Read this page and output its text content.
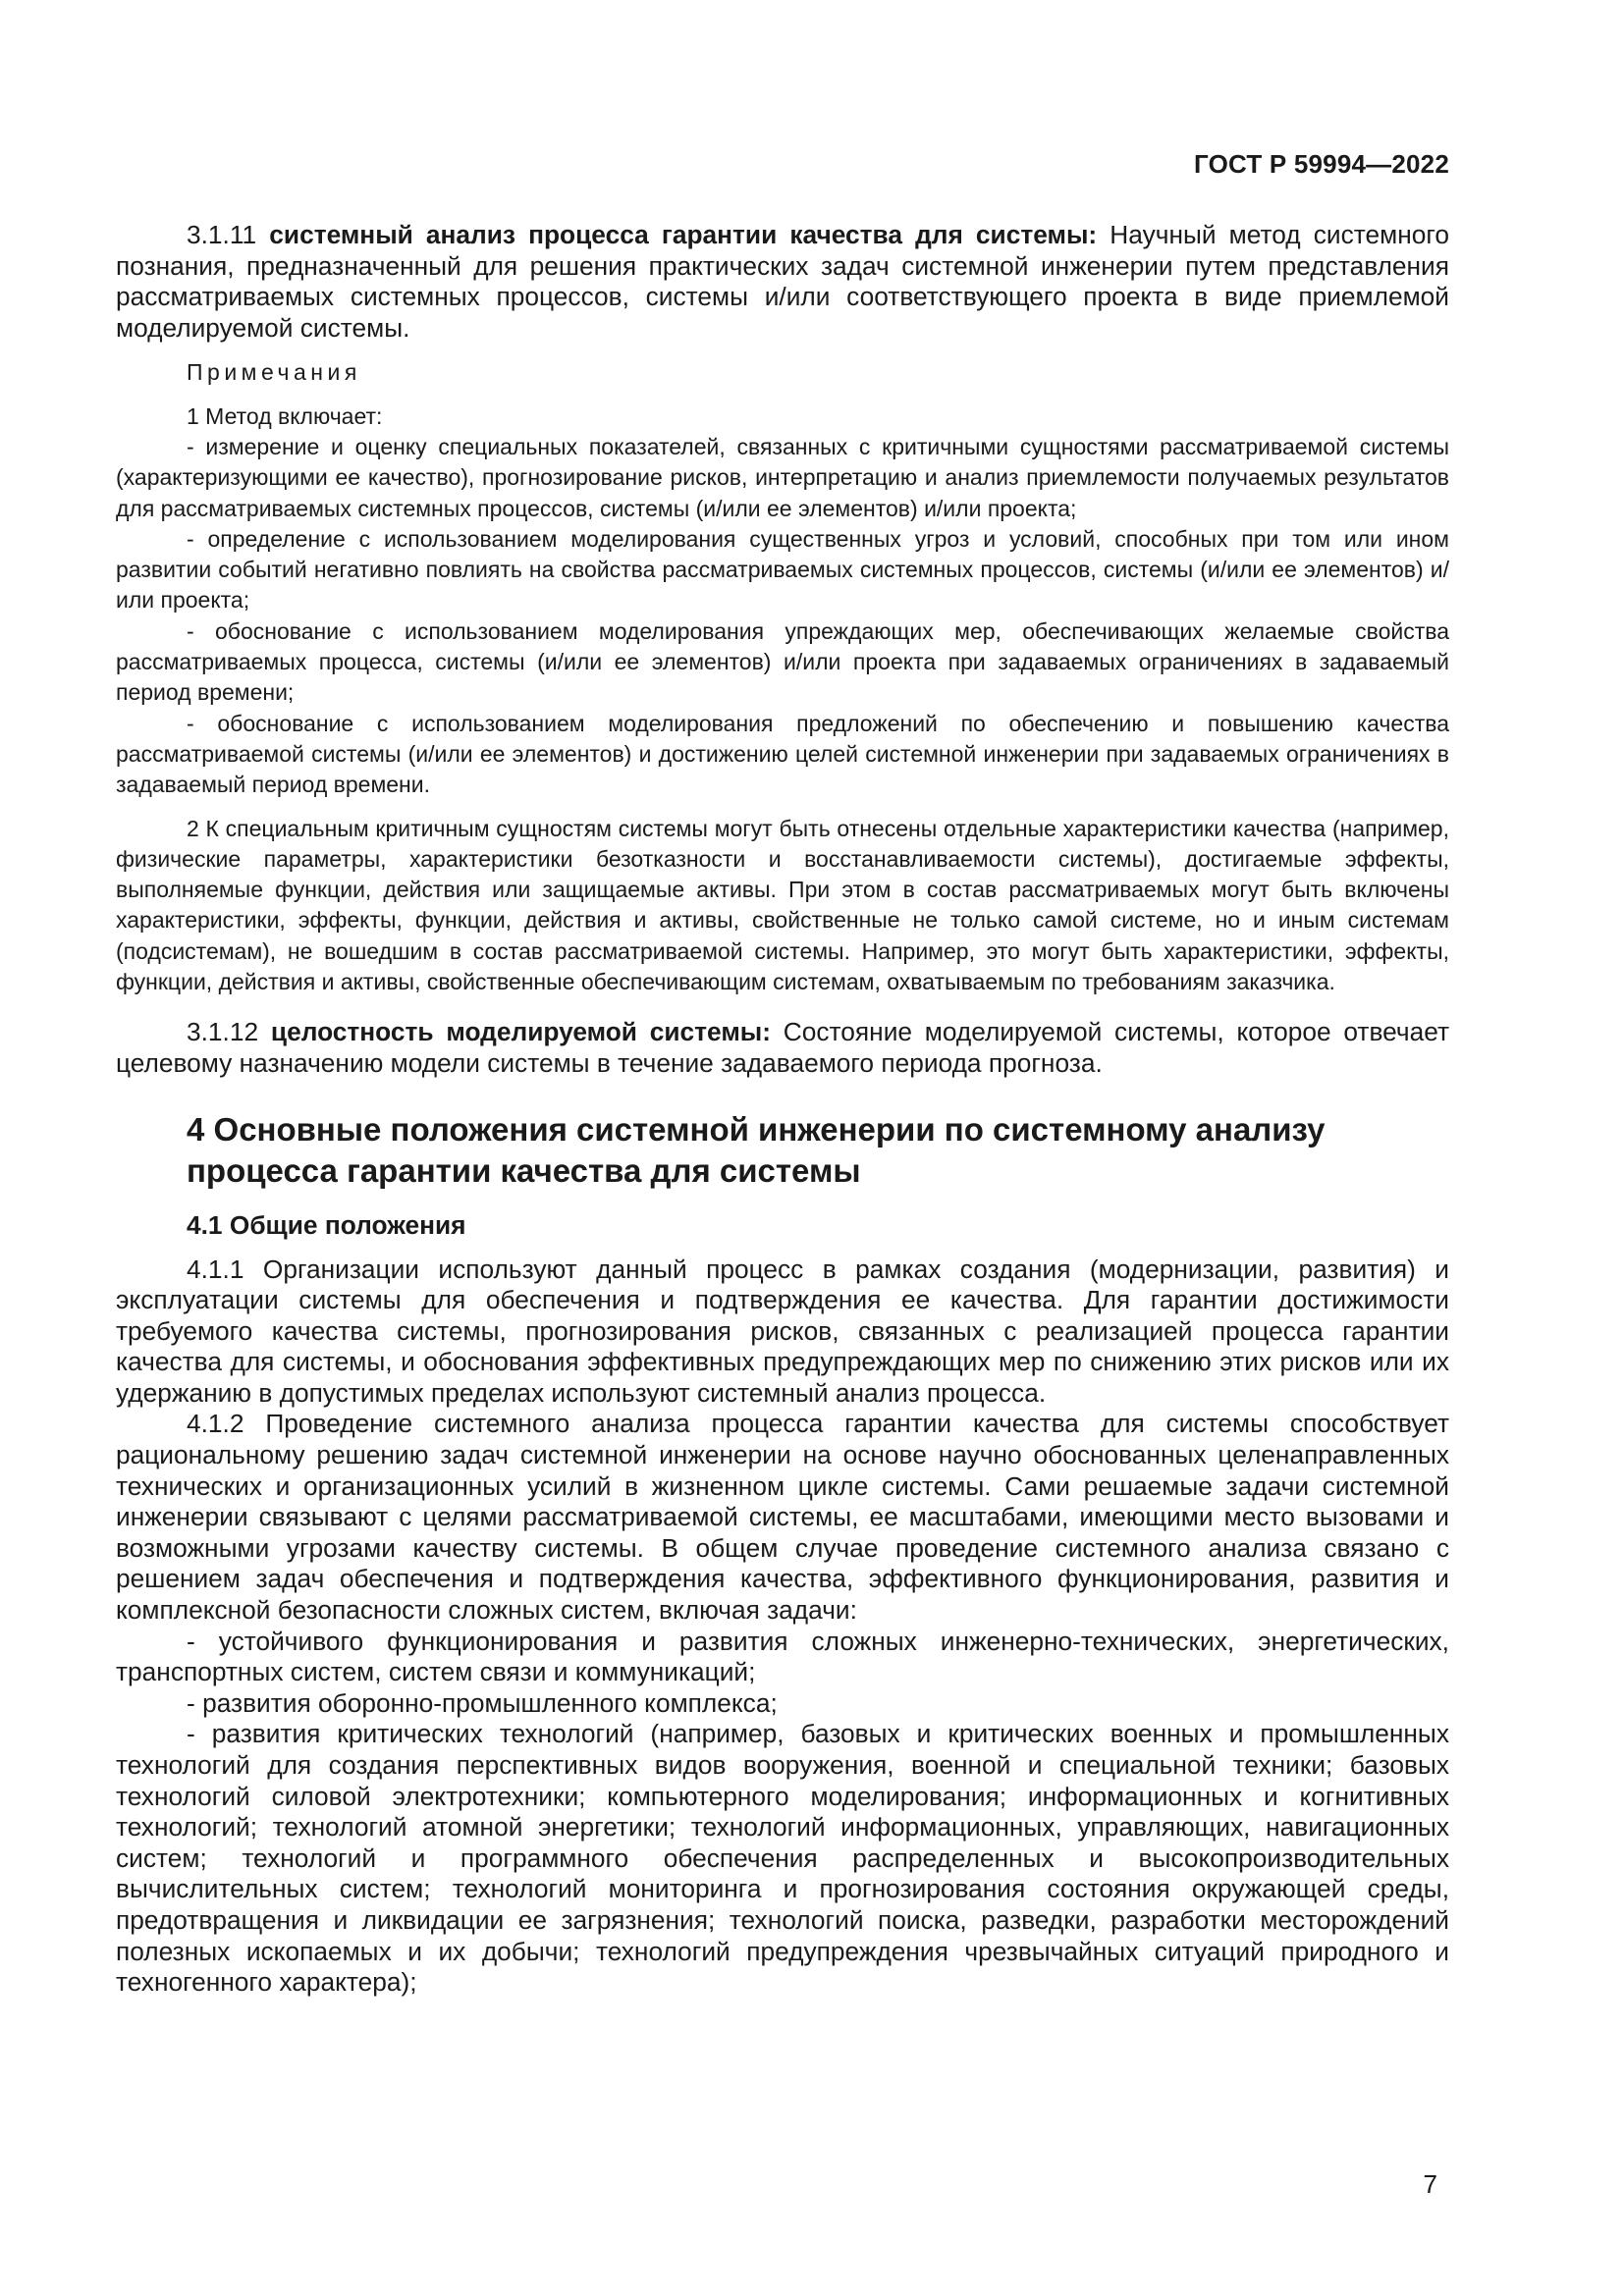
ГОСТ Р 59994—2022

3.1.11 системный анализ процесса гарантии качества для системы: Научный метод системного познания, предназначенный для решения практических задач системной инженерии путем представления рассматриваемых системных процессов, системы и/или соответствующего проекта в виде приемлемой моделируемой системы.

Примечания

1 Метод включает:

- измерение и оценку специальных показателей, связанных с критичными сущностями рассматриваемой системы (характеризующими ее качество), прогнозирование рисков, интерпретацию и анализ приемлемости получаемых результатов для рассматриваемых системных процессов, системы (и/или ее элементов) и/или проекта;

- определение с использованием моделирования существенных угроз и условий, способных при том или ином развитии событий негативно повлиять на свойства рассматриваемых системных процессов, системы (и/или ее элементов) и/или проекта;

- обоснование с использованием моделирования упреждающих мер, обеспечивающих желаемые свойства рассматриваемых процесса, системы (и/или ее элементов) и/или проекта при задаваемых ограничениях в задаваемый период времени;

- обоснование с использованием моделирования предложений по обеспечению и повышению качества рассматриваемой системы (и/или ее элементов) и достижению целей системной инженерии при задаваемых ограничениях в задаваемый период времени.

2 К специальным критичным сущностям системы могут быть отнесены отдельные характеристики качества (например, физические параметры, характеристики безотказности и восстанавливаемости системы), достигаемые эффекты, выполняемые функции, действия или защищаемые активы. При этом в состав рассматриваемых могут быть включены характеристики, эффекты, функции, действия и активы, свойственные не только самой системе, но и иным системам (подсистемам), не вошедшим в состав рассматриваемой системы. Например, это могут быть характеристики, эффекты, функции, действия и активы, свойственные обеспечивающим системам, охватываемым по требованиям заказчика.

3.1.12 целостность моделируемой системы: Состояние моделируемой системы, которое отвечает целевому назначению модели системы в течение задаваемого периода прогноза.

4 Основные положения системной инженерии по системному анализу
процесса гарантии качества для системы
4.1 Общие положения

4.1.1 Организации используют данный процесс в рамках создания (модернизации, развития) и эксплуатации системы для обеспечения и подтверждения ее качества. Для гарантии достижимости требуемого качества системы, прогнозирования рисков, связанных с реализацией процесса гарантии качества для системы, и обоснования эффективных предупреждающих мер по снижению этих рисков или их удержанию в допустимых пределах используют системный анализ процесса.

4.1.2 Проведение системного анализа процесса гарантии качества для системы способствует рациональному решению задач системной инженерии на основе научно обоснованных целенаправленных технических и организационных усилий в жизненном цикле системы. Сами решаемые задачи системной инженерии связывают с целями рассматриваемой системы, ее масштабами, имеющими место вызовами и возможными угрозами качеству системы. В общем случае проведение системного анализа связано с решением задач обеспечения и подтверждения качества, эффективного функционирования, развития и комплексной безопасности сложных систем, включая задачи:

- устойчивого функционирования и развития сложных инженерно-технических, энергетических, транспортных систем, систем связи и коммуникаций;

- развития оборонно-промышленного комплекса;

- развития критических технологий (например, базовых и критических военных и промышленных технологий для создания перспективных видов вооружения, военной и специальной техники; базовых технологий силовой электротехники; компьютерного моделирования; информационных и когнитивных технологий; технологий атомной энергетики; технологий информационных, управляющих, навигационных систем; технологий и программного обеспечения распределенных и высокопроизводительных вычислительных систем; технологий мониторинга и прогнозирования состояния окружающей среды, предотвращения и ликвидации ее загрязнения; технологий поиска, разведки, разработки месторождений полезных ископаемых и их добычи; технологий предупреждения чрезвычайных ситуаций природного и техногенного характера);

7
